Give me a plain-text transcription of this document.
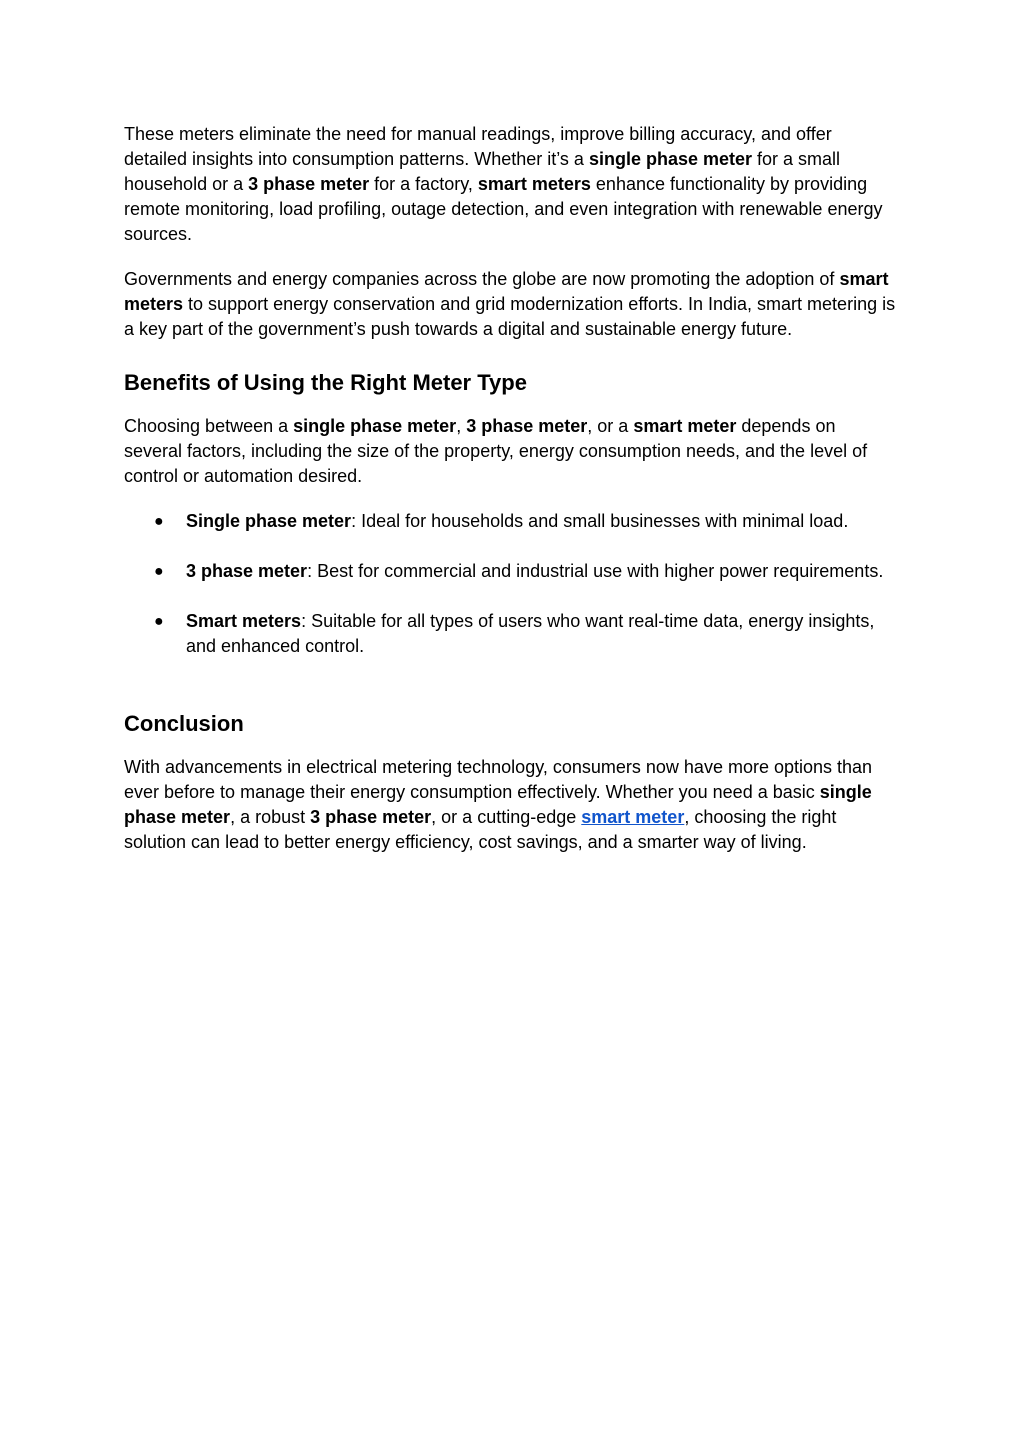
These meters eliminate the need for manual readings, improve billing accuracy, and offer detailed insights into consumption patterns. Whether it’s a single phase meter for a small household or a 3 phase meter for a factory, smart meters enhance functionality by providing remote monitoring, load profiling, outage detection, and even integration with renewable energy sources.

Governments and energy companies across the globe are now promoting the adoption of smart meters to support energy conservation and grid modernization efforts. In India, smart metering is a key part of the government’s push towards a digital and sustainable energy future.

Benefits of Using the Right Meter Type

Choosing between a single phase meter, 3 phase meter, or a smart meter depends on several factors, including the size of the property, energy consumption needs, and the level of control or automation desired.

● Single phase meter: Ideal for households and small businesses with minimal load.
● 3 phase meter: Best for commercial and industrial use with higher power requirements.
● Smart meters: Suitable for all types of users who want real-time data, energy insights, and enhanced control.
Conclusion

With advancements in electrical metering technology, consumers now have more options than ever before to manage their energy consumption effectively. Whether you need a basic single phase meter, a robust 3 phase meter, or a cutting-edge smart meter, choosing the right solution can lead to better energy efficiency, cost savings, and a smarter way of living.
